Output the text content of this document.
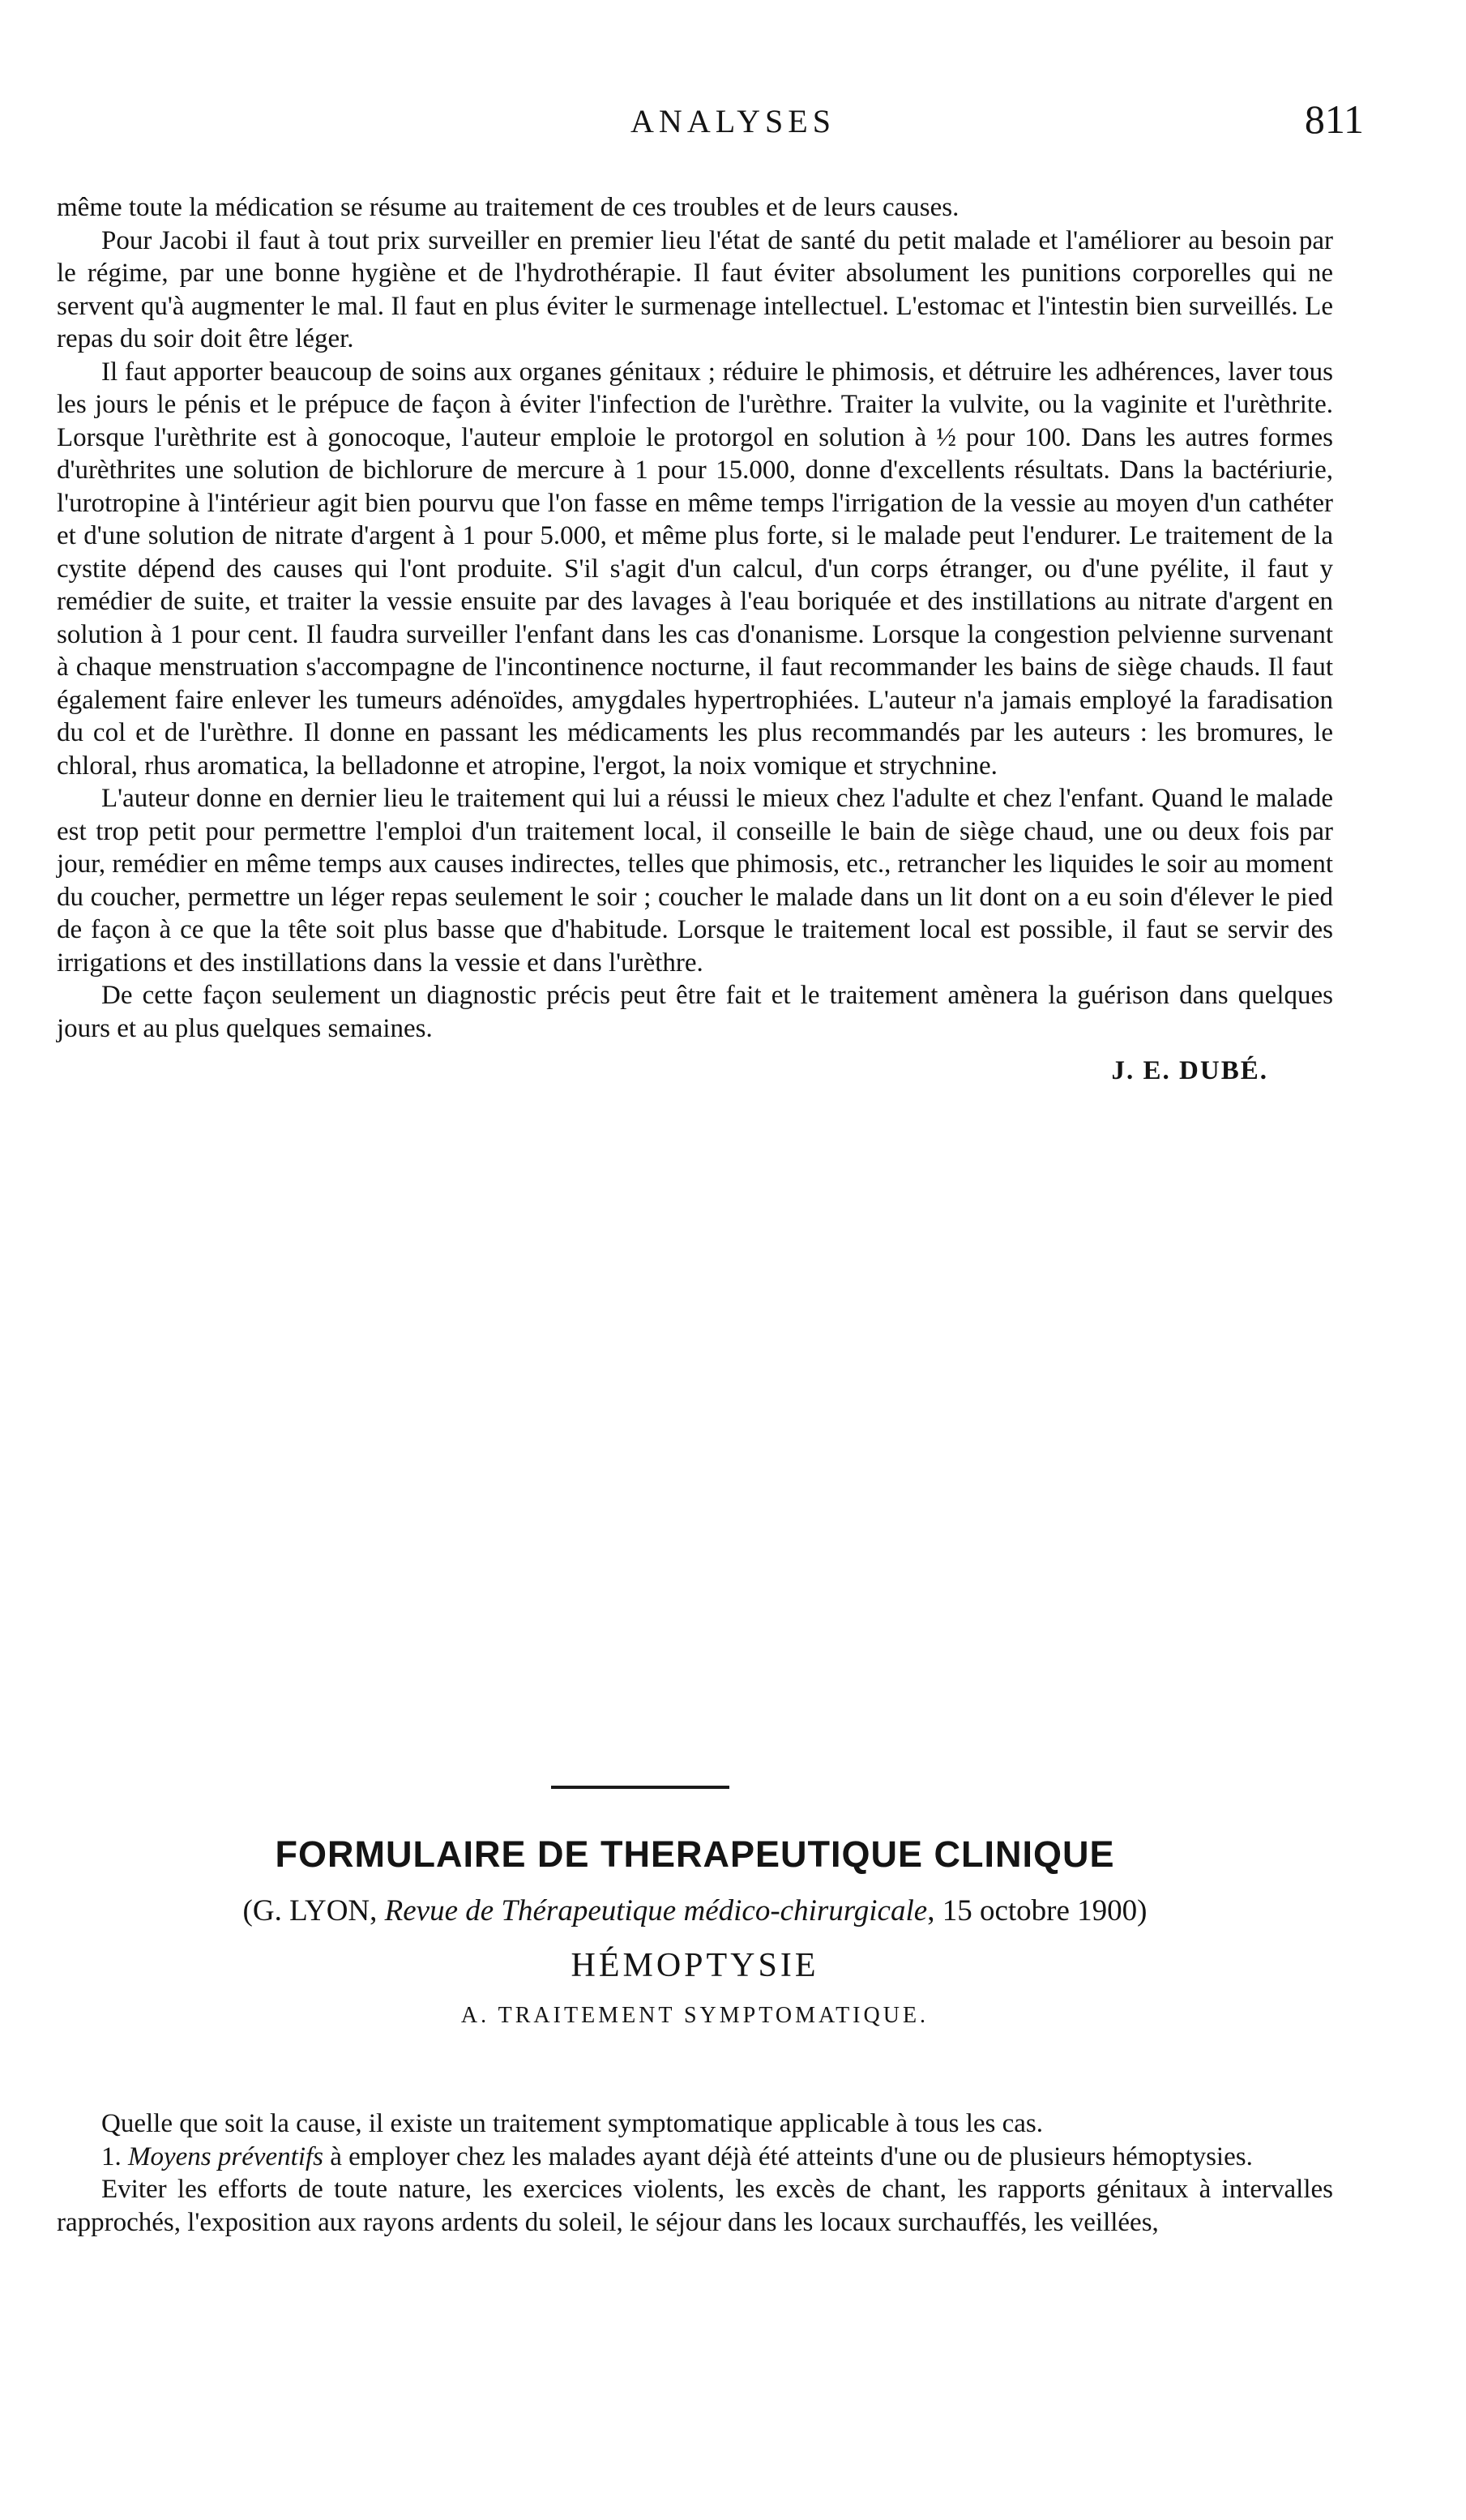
ANALYSES	811

même toute la médication se résume au traitement de ces troubles et de leurs causes.

Pour Jacobi il faut à tout prix surveiller en premier lieu l'état de santé du petit malade et l'améliorer au besoin par le régime, par une bonne hygiène et de l'hydrothérapie. Il faut éviter absolument les punitions corporelles qui ne servent qu'à augmenter le mal. Il faut en plus éviter le surmenage intellectuel. L'estomac et l'intestin bien surveillés. Le repas du soir doit être léger.

Il faut apporter beaucoup de soins aux organes génitaux ; réduire le phimosis, et détruire les adhérences, laver tous les jours le pénis et le prépuce de façon à éviter l'infection de l'urèthre. Traiter la vulvite, ou la vaginite et l'urèthrite. Lorsque l'urèthrite est à gonocoque, l'auteur emploie le protorgol en solution à ½ pour 100. Dans les autres formes d'urèthrites une solution de bichlorure de mercure à 1 pour 15.000, donne d'excellents résultats. Dans la bactériurie, l'urotropine à l'intérieur agit bien pourvu que l'on fasse en même temps l'irrigation de la vessie au moyen d'un cathéter et d'une solution de nitrate d'argent à 1 pour 5.000, et même plus forte, si le malade peut l'endurer. Le traitement de la cystite dépend des causes qui l'ont produite. S'il s'agit d'un calcul, d'un corps étranger, ou d'une pyélite, il faut y remédier de suite, et traiter la vessie ensuite par des lavages à l'eau boriquée et des instillations au nitrate d'argent en solution à 1 pour cent. Il faudra surveiller l'enfant dans les cas d'onanisme. Lorsque la congestion pelvienne survenant à chaque menstruation s'accompagne de l'incontinence nocturne, il faut recommander les bains de siège chauds. Il faut également faire enlever les tumeurs adénoïdes, amygdales hypertrophiées. L'auteur n'a jamais employé la faradisation du col et de l'urèthre. Il donne en passant les médicaments les plus recommandés par les auteurs : les bromures, le chloral, rhus aromatica, la belladonne et atropine, l'ergot, la noix vomique et strychnine.

L'auteur donne en dernier lieu le traitement qui lui a réussi le mieux chez l'adulte et chez l'enfant. Quand le malade est trop petit pour permettre l'emploi d'un traitement local, il conseille le bain de siège chaud, une ou deux fois par jour, remédier en même temps aux causes indirectes, telles que phimosis, etc., retrancher les liquides le soir au moment du coucher, permettre un léger repas seulement le soir ; coucher le malade dans un lit dont on a eu soin d'élever le pied de façon à ce que la tête soit plus basse que d'habitude. Lorsque le traitement local est possible, il faut se servir des irrigations et des instillations dans la vessie et dans l'urèthre.

De cette façon seulement un diagnostic précis peut être fait et le traitement amènera la guérison dans quelques jours et au plus quelques semaines.

J. E. DUBÉ.

FORMULAIRE DE THERAPEUTIQUE CLINIQUE
(G. LYON, Revue de Thérapeutique médico-chirurgicale, 15 octobre 1900)
HÉMOPTYSIE
A. TRAITEMENT SYMPTOMATIQUE.

Quelle que soit la cause, il existe un traitement symptomatique applicable à tous les cas.

1. Moyens préventifs à employer chez les malades ayant déjà été atteints d'une ou de plusieurs hémoptysies.

Eviter les efforts de toute nature, les exercices violents, les excès de chant, les rapports génitaux à intervalles rapprochés, l'exposition aux rayons ardents du soleil, le séjour dans les locaux surchauffés, les veillées,
